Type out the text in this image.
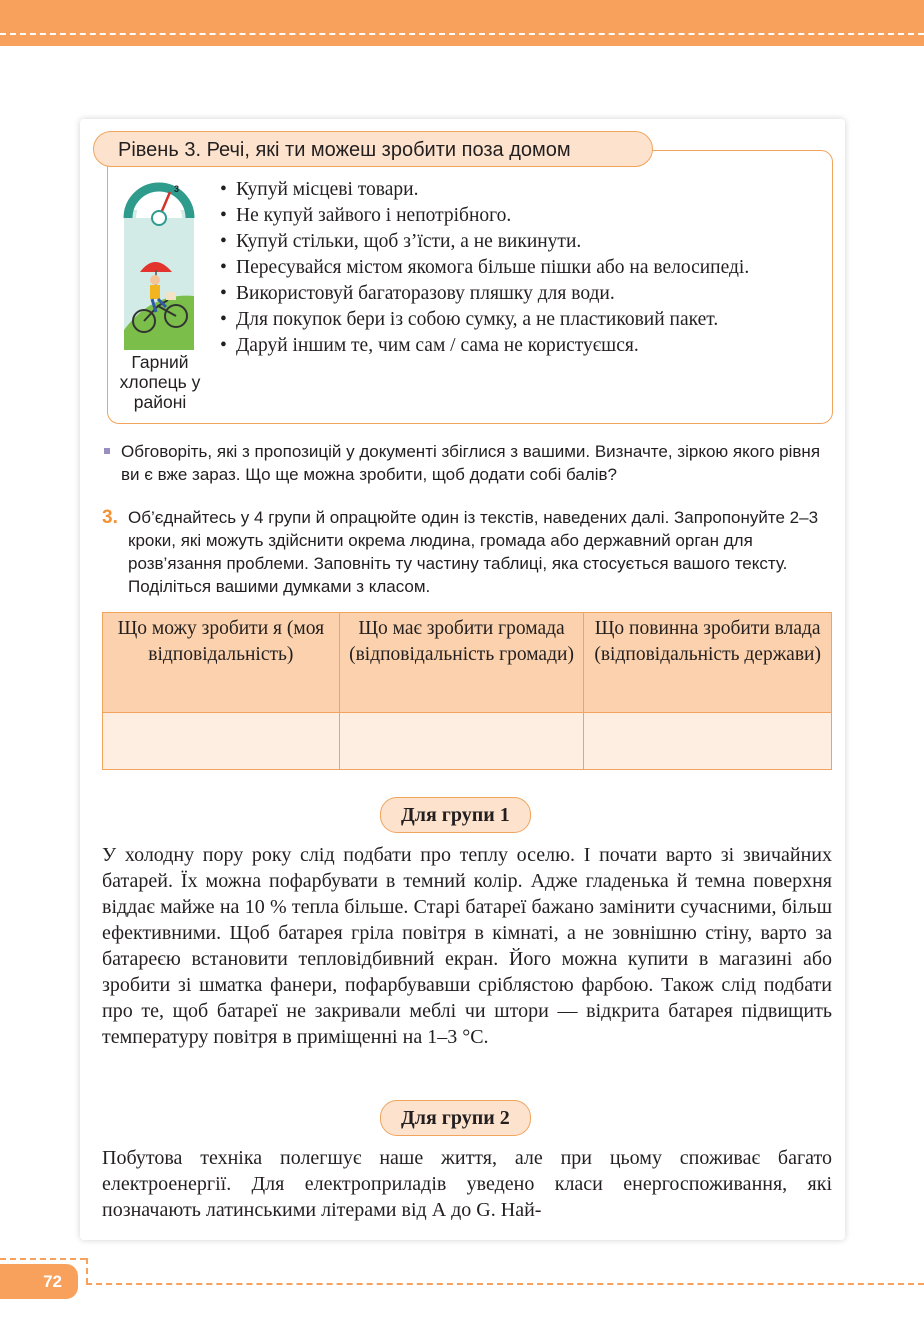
Рівень 3. Речі, які ти можеш зробити поза домом
3
Гарний хлопець у районі
• Купуй місцеві товари.
• Не купуй зайвого і непотрібного.
• Купуй стільки, щоб з’їсти, а не викинути.
• Пересувайся містом якомога більше пішки або на велосипеді.
• Використовуй багаторазову пляшку для води.
• Для покупок бери із собою сумку, а не пластиковий пакет.
• Даруй іншим те, чим сам / сама не користуєшся.
Обговоріть, які з пропозицій у документі збіглися з вашими. Визначте, зіркою якого рівня ви є вже зараз. Що ще можна зробити, щоб додати собі балів?
3. Об’єднайтесь у 4 групи й опрацюйте один із текстів, наведених далі. Запропонуйте 2–3 кроки, які можуть здійснити окрема людина, громада або державний орган для розв’язання проблеми. Заповніть ту частину таблиці, яка стосується вашого тексту. Поділіться вашими думками з класом.
Що можу зробити я (моя відповідальність)	Що має зробити громада (відповідальність громади)	Що повинна зробити влада (відповідальність держави)

Для групи 1

У холодну пору року слід подбати про теплу оселю. І почати варто зі звичайних батарей. Їх можна пофарбувати в темний колір. Адже гладенька й темна поверхня віддає майже на 10 % тепла більше. Старі батареї бажано замінити сучасними, більш ефективними. Щоб батарея гріла повітря в кімнаті, а не зовнішню стіну, варто за батареєю встановити тепловідбивний екран. Його можна купити в магазині або зробити зі шматка фанери, пофарбувавши сріблястою фарбою. Також слід подбати про те, щоб батареї не закривали меблі чи штори — відкрита батарея підвищить температуру повітря в приміщенні на 1–3 °С.

Для групи 2

Побутова техніка полегшує наше життя, але при цьому споживає багато електроенергії. Для електроприладів уведено класи енергоспоживання, які позначають латинськими літерами від А до G. Най-

72
